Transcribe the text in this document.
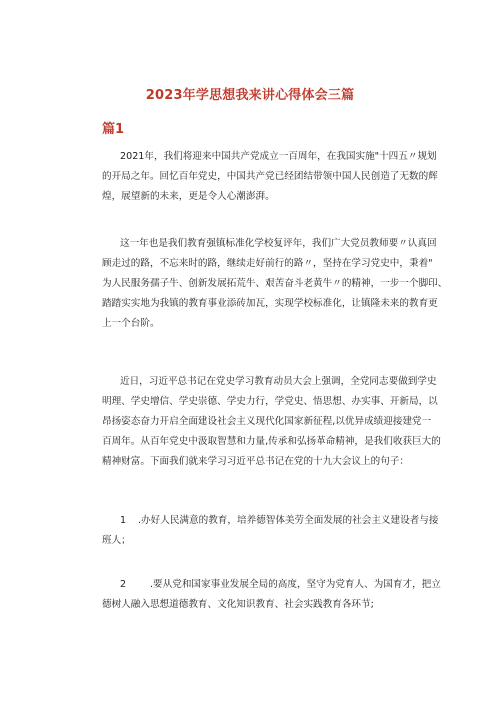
2023年学思想我来讲心得体会三篇
篇1

2021年，我们将迎来中国共产党成立一百周年，在我国实施"十四五〃规划
的开局之年。回忆百年党史，中国共产党已经团结带领中国人民创造了无数的辉
煌，展望新的未来，更是令人心潮澎湃。

这一年也是我们教育强镇标准化学校复评年，我们广大党员教师要〃认真回
顾走过的路，不忘来时的路，继续走好前行的路〃，坚持在学习党史中，秉着"
为人民服务孺子牛、创新发展拓荒牛、艰苦奋斗老黄牛〃的精神，一步一个脚印、
踏踏实实地为我镇的教育事业添砖加瓦，实现学校标准化，让镇隆未来的教育更
上一个台阶。

近日，习近平总书记在党史学习教育动员大会上强调，全党同志要做到学史
明理、学史增信、学史崇德、学史力行，学党史、悟思想、办实事、开新局，以
昂扬姿态奋力开启全面建设社会主义现代化国家新征程,以优异成绩迎接建党一
百周年。从百年党史中汲取智慧和力量,传承和弘扬革命精神，是我们收获巨大的
精神财富。下面我们就来学习习近平总书记在党的十九大会议上的句子：

1 .办好人民满意的教育，培养德智体美劳全面发展的社会主义建设者与接
班人；

2 .要从党和国家事业发展全局的高度，坚守为党育人、为国育才，把立
德树人融入思想道德教育、文化知识教育、社会实践教育各环节;
